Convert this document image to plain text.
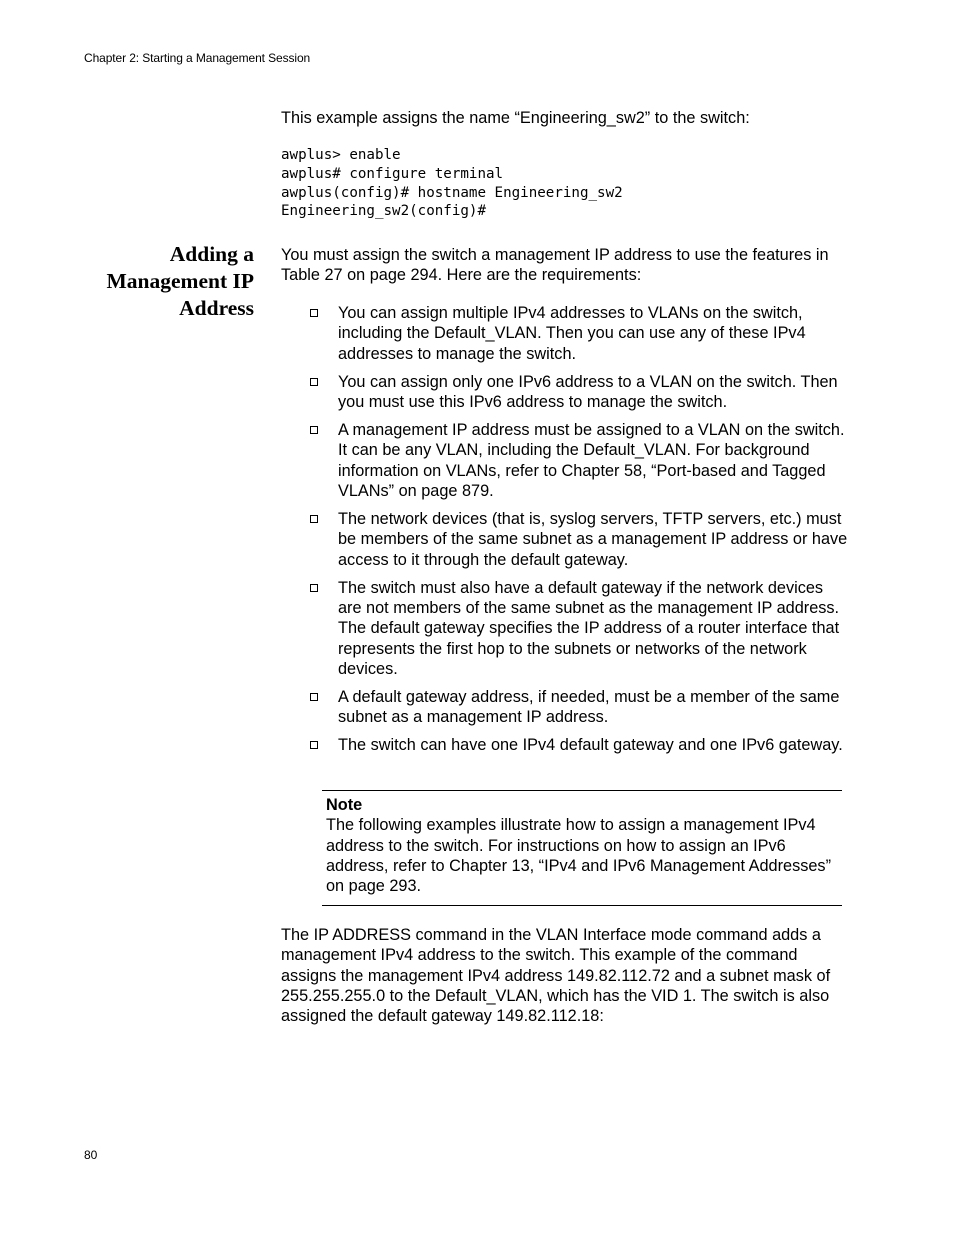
Chapter 2: Starting a Management Session

This example assigns the name “Engineering_sw2” to the switch:

awplus> enable
awplus# configure terminal
awplus(config)# hostname Engineering_sw2
Engineering_sw2(config)#
Adding a
Management IP
Address

You must assign the switch a management IP address to use the features in Table 27 on page 294. Here are the requirements:

You can assign multiple IPv4 addresses to VLANs on the switch, including the Default_VLAN. Then you can use any of these IPv4 addresses to manage the switch.
You can assign only one IPv6 address to a VLAN on the switch. Then you must use this IPv6 address to manage the switch.
A management IP address must be assigned to a VLAN on the switch. It can be any VLAN, including the Default_VLAN. For background information on VLANs, refer to Chapter 58, “Port-based and Tagged VLANs” on page 879.
The network devices (that is, syslog servers, TFTP servers, etc.) must be members of the same subnet as a management IP address or have access to it through the default gateway.
The switch must also have a default gateway if the network devices are not members of the same subnet as the management IP address. The default gateway specifies the IP address of a router interface that represents the first hop to the subnets or networks of the network devices.
A default gateway address, if needed, must be a member of the same subnet as a management IP address.
The switch can have one IPv4 default gateway and one IPv6 gateway.
Note
The following examples illustrate how to assign a management IPv4 address to the switch. For instructions on how to assign an IPv6 address, refer to Chapter 13, “IPv4 and IPv6 Management Addresses” on page 293.

The IP ADDRESS command in the VLAN Interface mode command adds a management IPv4 address to the switch. This example of the command assigns the management IPv4 address 149.82.112.72 and a subnet mask of 255.255.255.0 to the Default_VLAN, which has the VID 1. The switch is also assigned the default gateway 149.82.112.18:

80
